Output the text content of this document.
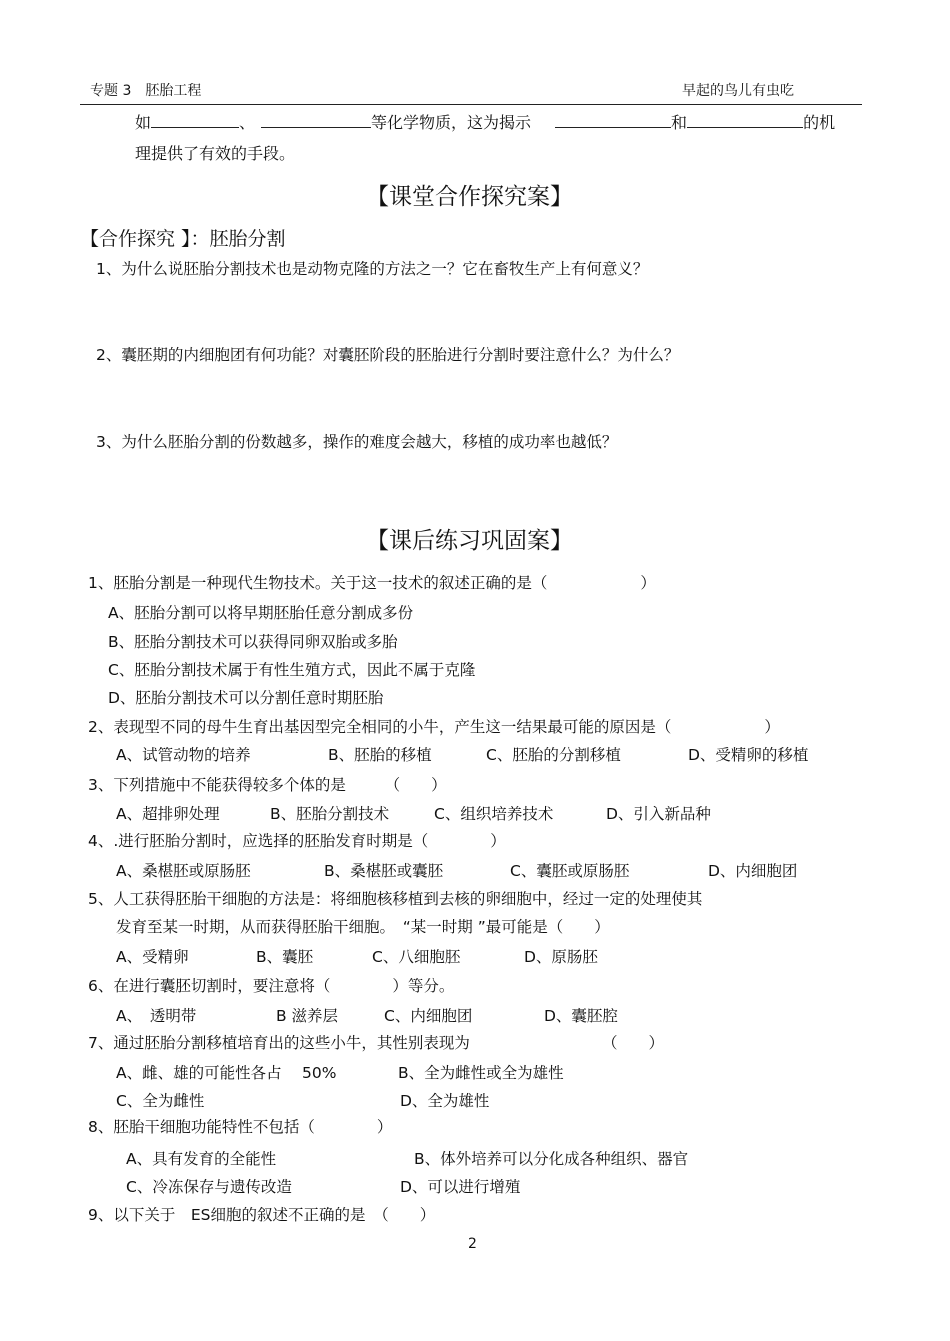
专题 3　胚胎工程	早起的鸟儿有虫吃
如	、	等化学物质，这为揭示	和	的机
理提供了有效的手段。
【课堂合作探究案】
【合作探究 】：胚胎分割
1、为什么说胚胎分割技术也是动物克隆的方法之一？它在畜牧生产上有何意义？
2、囊胚期的内细胞团有何功能？对囊胚阶段的胚胎进行分割时要注意什么？为什么？
3、为什么胚胎分割的份数越多，操作的难度会越大，移植的成功率也越低？
【课后练习巩固案】
1、胚胎分割是一种现代生物技术。关于这一技术的叙述正确的是（　　　　　　）
A、胚胎分割可以将早期胚胎任意分割成多份
B、胚胎分割技术可以获得同卵双胎或多胎
C、胚胎分割技术属于有性生殖方式，因此不属于克隆
D、胚胎分割技术可以分割任意时期胚胎
2、表现型不同的母牛生育出基因型完全相同的小牛，产生这一结果最可能的原因是（　　　　　　）
A、试管动物的培养	B、胚胎的移植	C、胚胎的分割移植	D、受精卵的移植
3、下列措施中不能获得较多个体的是　　　（　　）
A、超排卵处理	B、胚胎分割技术	C、组织培养技术	D、引入新品种
4、.进行胚胎分割时，应选择的胚胎发育时期是（　　　　）
A、桑椹胚或原肠胚	B、桑椹胚或囊胚	C、囊胚或原肠胚	D、内细胞团
5、人工获得胚胎干细胞的方法是：将细胞核移植到去核的卵细胞中，经过一定的处理使其
发育至某一时期，从而获得胚胎干细胞。　“某一时期 ”最可能是（　　）
A、受精卵	B、囊胚	C、八细胞胚	D、原肠胚
6、在进行囊胚切割时，要注意将（　　　　）等分。
A、　透明带	B 滋养层	C、内细胞团	D、囊胚腔
7、通过胚胎分割移植培育出的这些小牛，其性别表现为	（　　）
A、雌、雄的可能性各占　 50%	B、全为雌性或全为雄性
C、全为雌性	D、全为雄性
8、胚胎干细胞功能特性不包括（　　　　）
A、具有发育的全能性	B、体外培养可以分化成各种组织、器官
C、冷冻保存与遗传改造	D、可以进行增殖
9、以下关于　ES细胞的叙述不正确的是　（　　）
2
